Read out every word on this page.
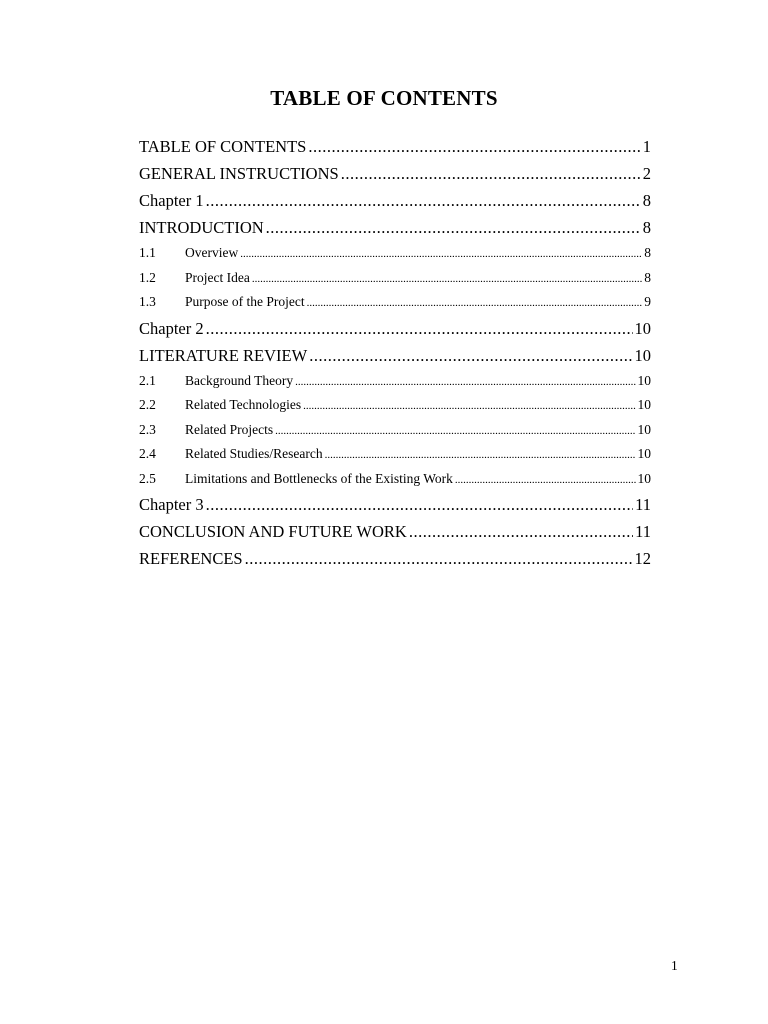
TABLE OF CONTENTS
TABLE OF CONTENTS .....	1
GENERAL INSTRUCTIONS .....	2
Chapter 1 .....	8
INTRODUCTION .....	8
1.1	Overview .....	8
1.2	Project Idea .....	8
1.3	Purpose of the Project .....	9
Chapter 2 .....	10
LITERATURE REVIEW .....	10
2.1	Background Theory .....	10
2.2	Related Technologies .....	10
2.3	Related Projects .....	10
2.4	Related Studies/Research .....	10
2.5	Limitations and Bottlenecks of the Existing Work .....	10
Chapter 3 .....	11
CONCLUSION AND FUTURE WORK .....	11
REFERENCES .....	12
1
